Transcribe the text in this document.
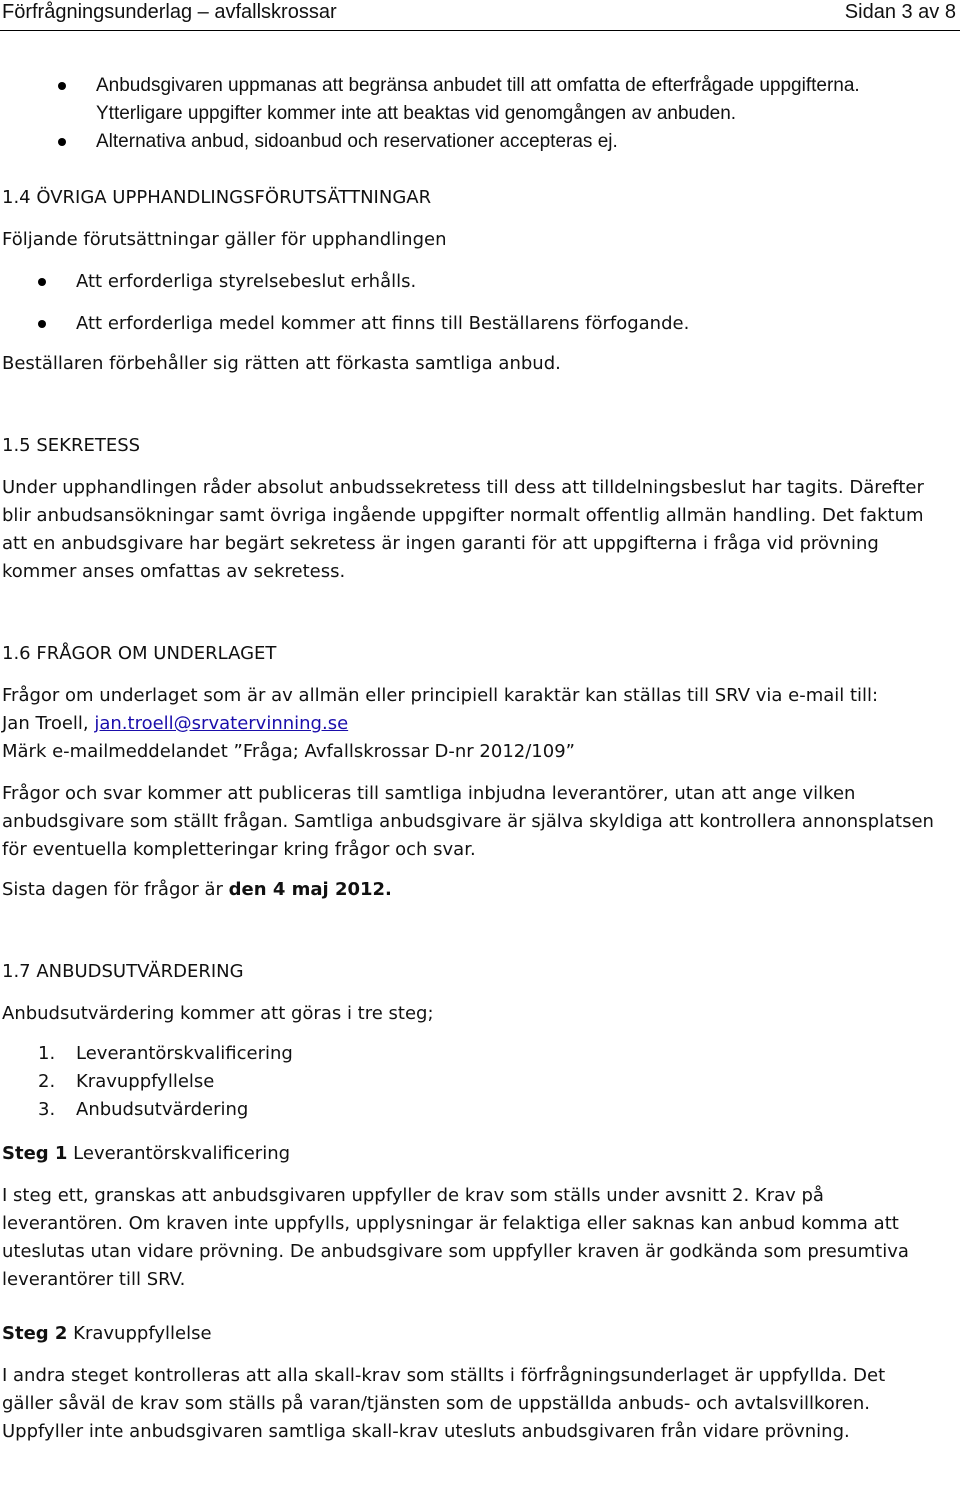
Förfrågningsunderlag – avfallskrossar	Sidan 3 av 8
Anbudsgivaren uppmanas att begränsa anbudet till att omfatta de efterfrågade uppgifterna. Ytterligare uppgifter kommer inte att beaktas vid genomgången av anbuden.
Alternativa anbud, sidoanbud och reservationer accepteras ej.

1.4 ÖVRIGA UPPHANDLINGSFÖRUTSÄTTNINGAR

Följande förutsättningar gäller för upphandlingen

Att erforderliga styrelsebeslut erhålls.
Att erforderliga medel kommer att finns till Beställarens förfogande.

Beställaren förbehåller sig rätten att förkasta samtliga anbud.

1.5 SEKRETESS

Under upphandlingen råder absolut anbudssekretess till dess att tilldelningsbeslut har tagits. Därefter blir anbudsansökningar samt övriga ingående uppgifter normalt offentlig allmän handling. Det faktum att en anbudsgivare har begärt sekretess är ingen garanti för att uppgifterna i fråga vid prövning kommer anses omfattas av sekretess.

1.6 FRÅGOR OM UNDERLAGET

Frågor om underlaget som är av allmän eller principiell karaktär kan ställas till SRV via e-mail till:
Jan Troell, jan.troell@srvatervinning.se
Märk e-mailmeddelandet ”Fråga; Avfallskrossar D-nr 2012/109”

Frågor och svar kommer att publiceras till samtliga inbjudna leverantörer, utan att ange vilken anbudsgivare som ställt frågan. Samtliga anbudsgivare är själva skyldiga att kontrollera annonsplatsen för eventuella kompletteringar kring frågor och svar.

Sista dagen för frågor är den 4 maj 2012.

1.7 ANBUDSUTVÄRDERING

Anbudsutvärdering kommer att göras i tre steg;

1. Leverantörskvalificering
2. Kravuppfyllelse
3. Anbudsutvärdering

Steg 1 Leverantörskvalificering

I steg ett, granskas att anbudsgivaren uppfyller de krav som ställs under avsnitt 2. Krav på leverantören. Om kraven inte uppfylls, upplysningar är felaktiga eller saknas kan anbud komma att uteslutas utan vidare prövning. De anbudsgivare som uppfyller kraven är godkända som presumtiva leverantörer till SRV.

Steg 2 Kravuppfyllelse

I andra steget kontrolleras att alla skall-krav som ställts i förfrågningsunderlaget är uppfyllda. Det gäller såväl de krav som ställs på varan/tjänsten som de uppställda anbuds- och avtalsvillkoren. Uppfyller inte anbudsgivaren samtliga skall-krav utesluts anbudsgivaren från vidare prövning.
